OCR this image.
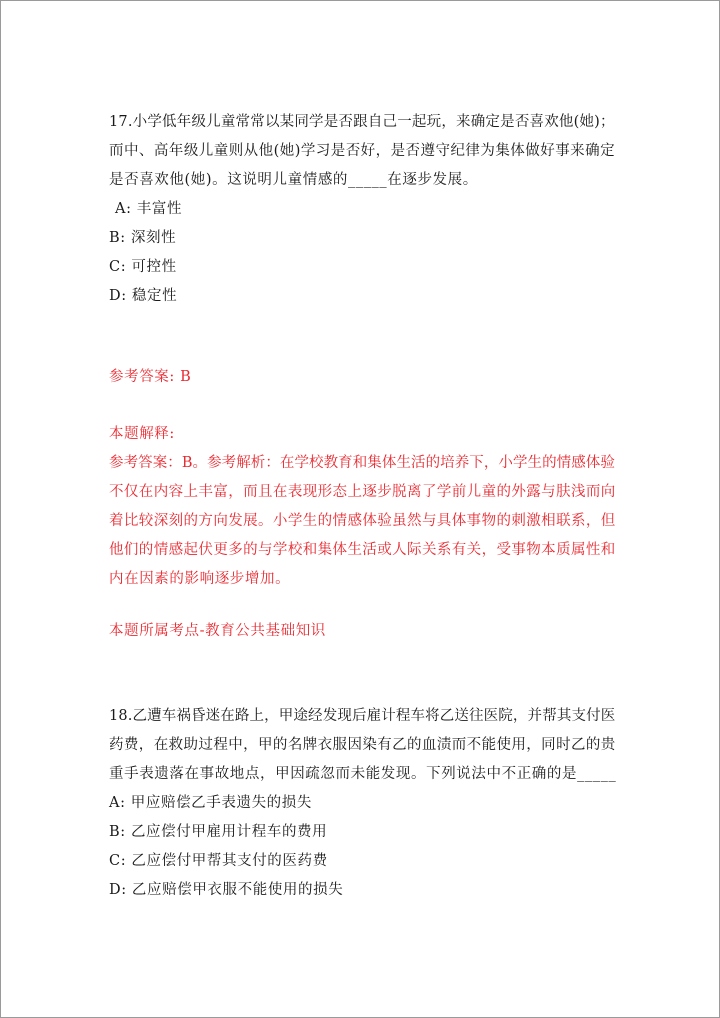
17.小学低年级儿童常常以某同学是否跟自己一起玩，来确定是否喜欢他(她)；
而中、高年级儿童则从他(她)学习是否好，是否遵守纪律为集体做好事来确定
是否喜欢他(她)。这说明儿童情感的_____在逐步发展。
A: 丰富性
B: 深刻性
C: 可控性
D: 稳定性
参考答案: B
本题解释:
参考答案：B。参考解析：在学校教育和集体生活的培养下，小学生的情感体验
不仅在内容上丰富，而且在表现形态上逐步脱离了学前儿童的外露与肤浅而向
着比较深刻的方向发展。小学生的情感体验虽然与具体事物的刺激相联系，但
他们的情感起伏更多的与学校和集体生活或人际关系有关，受事物本质属性和
内在因素的影响逐步增加。
本题所属考点-教育公共基础知识
18.乙遭车祸昏迷在路上，甲途经发现后雇计程车将乙送往医院，并帮其支付医
药费，在救助过程中，甲的名牌衣服因染有乙的血渍而不能使用，同时乙的贵
重手表遗落在事故地点，甲因疏忽而未能发现。下列说法中不正确的是_____
A: 甲应赔偿乙手表遗失的损失
B: 乙应偿付甲雇用计程车的费用
C: 乙应偿付甲帮其支付的医药费
D: 乙应赔偿甲衣服不能使用的损失
